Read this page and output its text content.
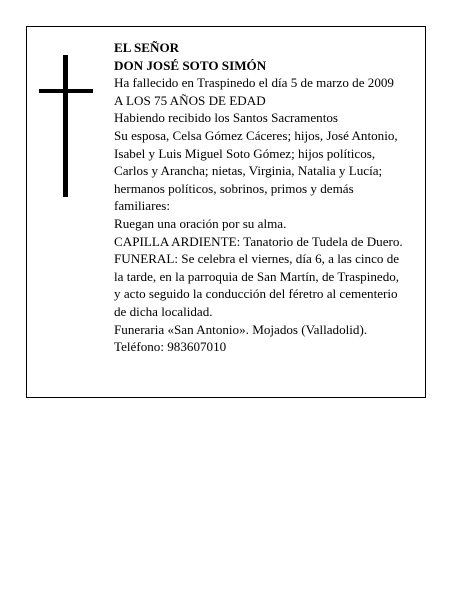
EL SEÑOR
DON JOSÉ SOTO SIMÓN
Ha fallecido en Traspinedo el día 5 de marzo de 2009
A LOS 75 AÑOS DE EDAD
Habiendo recibido los Santos Sacramentos
Su esposa, Celsa Gómez Cáceres; hijos, José Antonio,
Isabel y Luis Miguel Soto Gómez; hijos políticos,
Carlos y Arancha; nietas, Virginia, Natalia y Lucía;
hermanos políticos, sobrinos, primos y demás
familiares:
Ruegan una oración por su alma.
CAPILLA ARDIENTE: Tanatorio de Tudela de Duero.
FUNERAL: Se celebra el viernes, día 6, a las cinco de
la tarde, en la parroquia de San Martín, de Traspinedo,
y acto seguido la conducción del féretro al cementerio
de dicha localidad.
Funeraria «San Antonio». Mojados (Valladolid).
Teléfono: 983607010
